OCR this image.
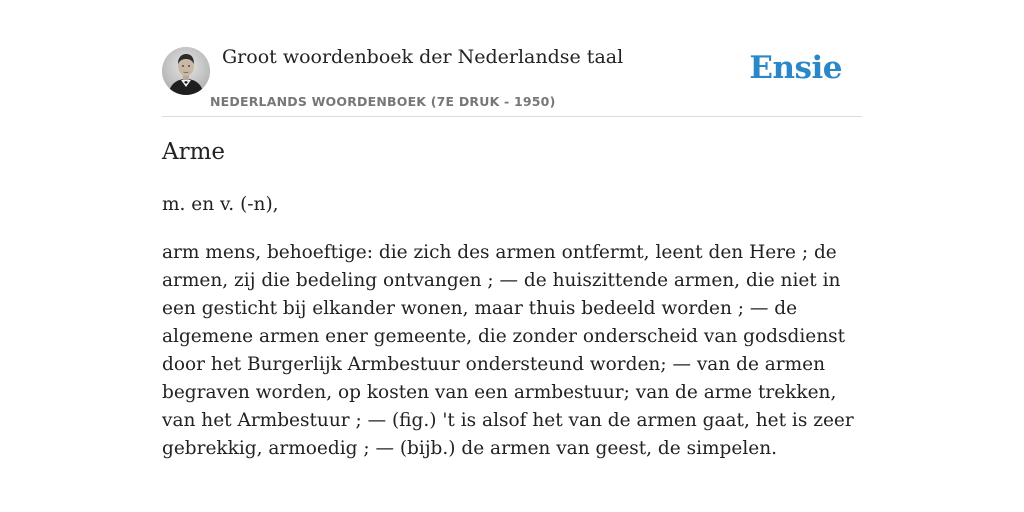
Groot woordenboek der Nederlandse taal
NEDERLANDS WOORDENBOEK (7E DRUK - 1950)
Ensie
Arme
m. en v. (-n),
arm mens, behoeftige: die zich des armen ontfermt, leent den Here ; de armen, zij die bedeling ontvangen ; — de huiszittende armen, die niet in een gesticht bij elkander wonen, maar thuis bedeeld worden ; — de algemene armen ener gemeente, die zonder onderscheid van godsdienst door het Burgerlijk Armbestuur ondersteund worden; — van de armen begraven worden, op kosten van een armbestuur; van de arme trekken, van het Armbestuur ; — (fig.) 't is alsof het van de armen gaat, het is zeer gebrekkig, armoedig ; — (bijb.) de armen van geest, de simpelen.
